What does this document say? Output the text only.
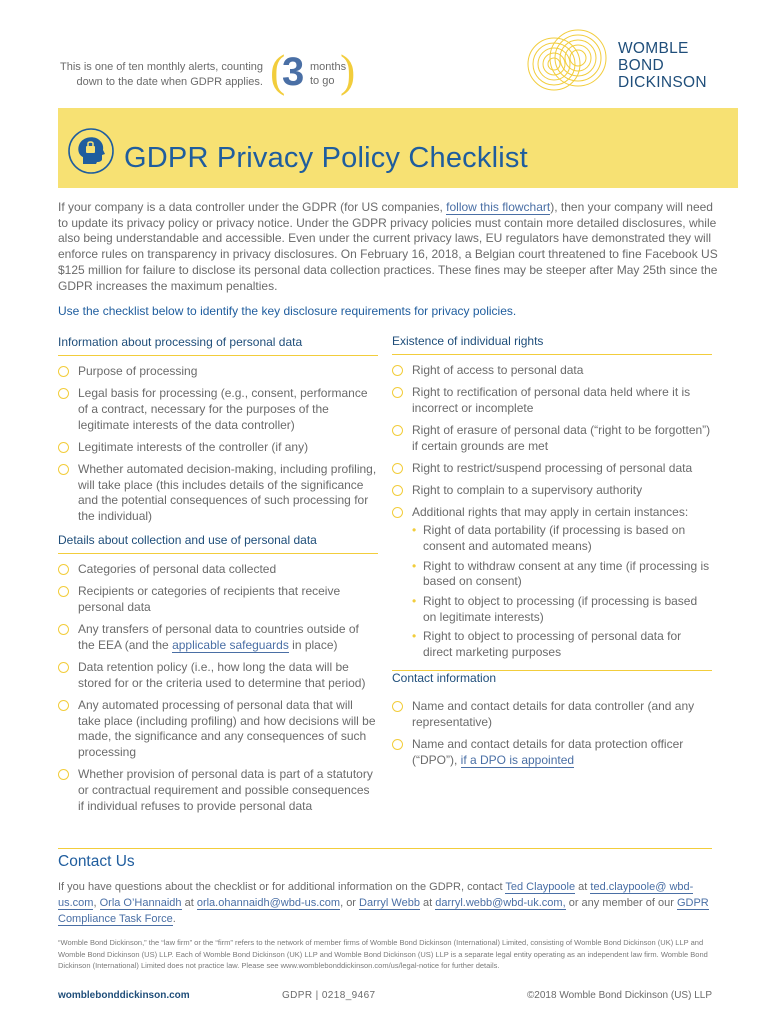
This is one of ten monthly alerts, counting
down to the date when GDPR applies. (
3 months
to go )	WOMBLE
BOND
DICKINSON
GDPR Privacy Policy Checklist

If your company is a data controller under the GDPR (for US companies, follow this flowchart), then your company will need to update its privacy policy or privacy notice. Under the GDPR privacy policies must contain more detailed disclosures, while also being understandable and accessible. Even under the current privacy laws, EU regulators have demonstrated they will enforce rules on transparency in privacy disclosures. On February 16, 2018, a Belgian court threatened to fine Facebook US $125 million for failure to disclose its personal data collection practices. These fines may be steeper after May 25th since the GDPR increases the maximum penalties.

Use the checklist below to identify the key disclosure requirements for privacy policies.

Information about processing of personal data
Purpose of processing
Legal basis for processing (e.g., consent, performance of a contract, necessary for the purposes of the legitimate interests of the data controller)
Legitimate interests of the controller (if any)
Whether automated decision-making, including profiling, will take place (this includes details of the significance and the potential consequences of such processing for the individual)
Details about collection and use of personal data
Categories of personal data collected
Recipients or categories of recipients that receive personal data
Any transfers of personal data to countries outside of the EEA (and the applicable safeguards in place)
Data retention policy (i.e., how long the data will be stored for or the criteria used to determine that period)
Any automated processing of personal data that will take place (including profiling) and how decisions will be made, the significance and any consequences of such processing
Whether provision of personal data is part of a statutory or contractual requirement and possible consequences if individual refuses to provide personal data
Existence of individual rights
Right of access to personal data
Right to rectification of personal data held where it is incorrect or incomplete
Right of erasure of personal data (“right to be forgotten”) if certain grounds are met
Right to restrict/suspend processing of personal data
Right to complain to a supervisory authority
Additional rights that may apply in certain instances:
• Right of data portability (if processing is based on consent and automated means)
• Right to withdraw consent at any time (if processing is based on consent)
• Right to object to processing (if processing is based on legitimate interests)
• Right to object to processing of personal data for direct marketing purposes
Contact information
Name and contact details for data controller (and any representative)
Name and contact details for data protection officer (“DPO”), if a DPO is appointed
Contact Us

If you have questions about the checklist or for additional information on the GDPR, contact Ted Claypoole at ted.claypoole@ wbd-us.com, Orla O’Hannaidh at orla.ohannaidh@wbd-us.com, or Darryl Webb at darryl.webb@wbd-uk.com, or any member of our GDPR Compliance Task Force.

“Womble Bond Dickinson,” the “law firm” or the “firm” refers to the network of member firms of Womble Bond Dickinson (International) Limited, consisting of Womble Bond Dickinson (UK) LLP and Womble Bond Dickinson (US) LLP. Each of Womble Bond Dickinson (UK) LLP and Womble Bond Dickinson (US) LLP is a separate legal entity operating as an independent law firm. Womble Bond Dickinson (International) Limited does not practice law. Please see www.womblebonddickinson.com/us/legal-notice for further details.

womblebonddickinson.com	GDPR | 0218_9467	©2018 Womble Bond Dickinson (US) LLP
